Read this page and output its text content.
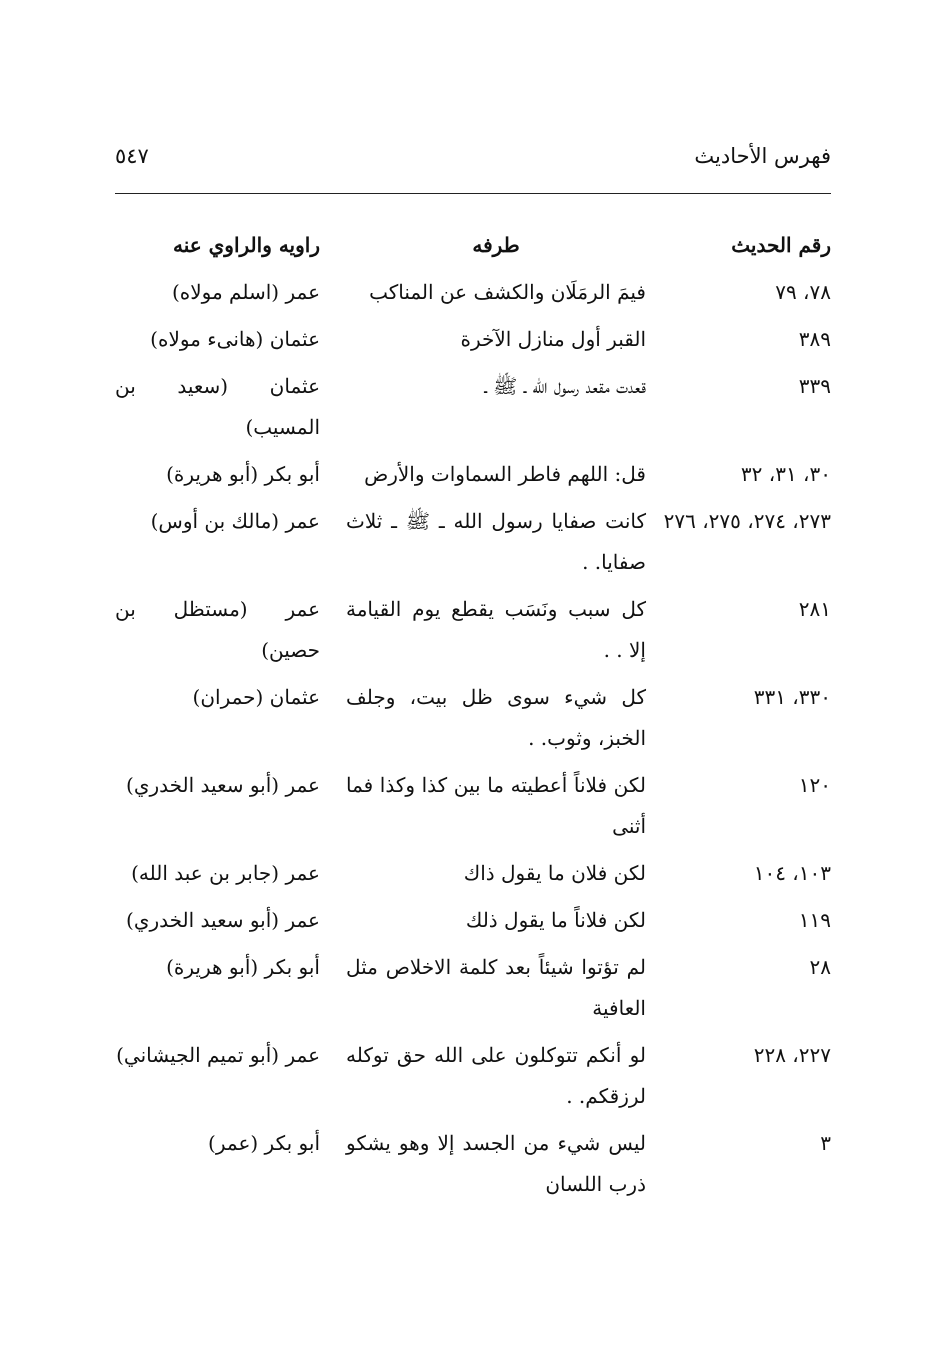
فهرس الأحاديث
٥٤٧
رقم الحديث
طرفه
راويه والراوي عنه
٧٨، ٧٩
فيمَ الرمَلَان والكشف عن المناكب
عمر (اسلم مولاه)
٣٨٩
القبر أول منازل الآخرة
عثمان (هانىء مولاه)
٣٣٩
قعدت مقعد رسول الله ـ ﷺ ـ
عثمان (سعيد بن المسيب)
٣٠، ٣١، ٣٢
قل: اللهم فاطر السماوات والأرض
أبو بكر (أبو هريرة)
٢٧٣، ٢٧٤، ٢٧٥، ٢٧٦
كانت صفايا رسول الله ـ ﷺ ـ ثلاث صفايا. .
عمر (مالك بن أوس)
٢٨١
كل سبب ونَسَب يقطع يوم القيامة إلا . .
عمر (مستظل بن حصين)
٣٣٠، ٣٣١
كل شيء سوى ظل بيت، وجلف الخبز، وثوب. .
عثمان (حمران)
١٢٠
لكن فلاناً أعطيته ما بين كذا وكذا فما أثنى
عمر (أبو سعيد الخدري)
١٠٣، ١٠٤
لكن فلان ما يقول ذاك
عمر (جابر بن عبد الله)
١١٩
لكن فلاناً ما يقول ذلك
عمر (أبو سعيد الخدري)
٢٨
لم تؤتوا شيئاً بعد كلمة الاخلاص مثل العافية
أبو بكر (أبو هريرة)
٢٢٧، ٢٢٨
لو أنكم تتوكلون على الله حق توكله لرزقكم. .
عمر (أبو تميم الجيشاني)
٣
ليس شيء من الجسد إلا وهو يشكو ذرب اللسان
أبو بكر (عمر)
